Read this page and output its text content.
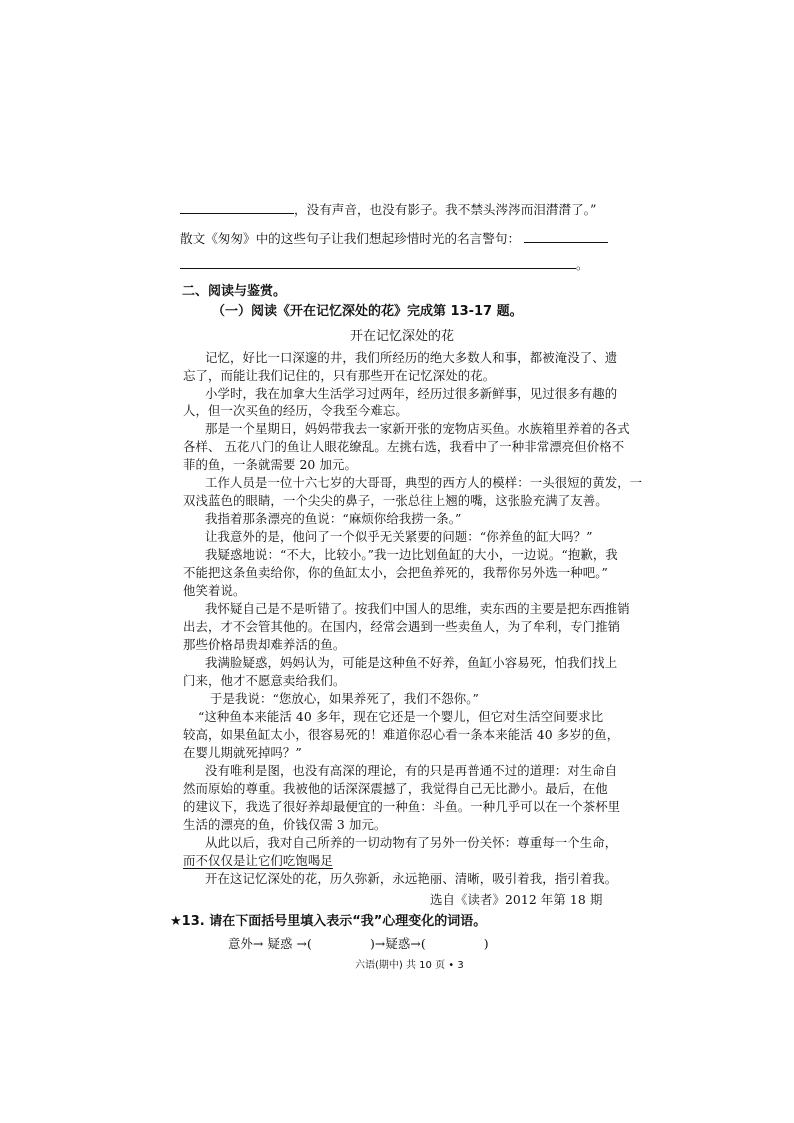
，没有声音，也没有影子。我不禁头涔涔而泪潸潸了。”
散文《匆匆》中的这些句子让我们想起珍惜时光的名言警句：
。
二、阅读与鉴赏。
（一）阅读《开在记忆深处的花》完成第 13-17 题。
开在记忆深处的花
记忆，好比一口深邃的井，我们所经历的绝大多数人和事，都被淹没了、遗
忘了，而能让我们记住的，只有那些开在记忆深处的花。
小学时，我在加拿大生活学习过两年，经历过很多新鲜事，见过很多有趣的
人，但一次买鱼的经历，令我至今难忘。
那是一个星期日，妈妈带我去一家新开张的宠物店买鱼。水族箱里养着的各式
各样、 五花八门的鱼让人眼花缭乱。左挑右选，我看中了一种非常漂亮但价格不
菲的鱼，一条就需要 20 加元。
工作人员是一位十六七岁的大哥哥，典型的西方人的模样：一头很短的黄发，一
双浅蓝色的眼睛，一个尖尖的鼻子，一张总往上翘的嘴，这张脸充满了友善。
我指着那条漂亮的鱼说：“麻烦你给我捞一条。”
让我意外的是，他问了一个似乎无关紧要的问题：“你养鱼的缸大吗？”
我疑惑地说：“不大，比较小。”我一边比划鱼缸的大小，一边说。“抱歉，我
不能把这条鱼卖给你，你的鱼缸太小，会把鱼养死的，我帮你另外选一种吧。”
他笑着说。
我怀疑自己是不是听错了。按我们中国人的思维，卖东西的主要是把东西推销
出去，才不会管其他的。在国内，经常会遇到一些卖鱼人，为了牟利，专门推销
那些价格昂贵却难养活的鱼。
我满脸疑惑，妈妈认为，可能是这种鱼不好养，鱼缸小容易死，怕我们找上
门来，他才不愿意卖给我们。
于是我说：“您放心，如果养死了，我们不怨你。”
“这种鱼本来能活 40 多年，现在它还是一个婴儿，但它对生活空间要求比
较高，如果鱼缸太小，很容易死的！难道你忍心看一条本来能活 40 多岁的鱼，
在婴儿期就死掉吗？”
没有唯利是图，也没有高深的理论，有的只是再普通不过的道理：对生命自
然而原始的尊重。我被他的话深深震撼了，我觉得自己无比渺小。最后，在他
的建议下，我选了很好养却最便宜的一种鱼：斗鱼。一种几乎可以在一个茶杯里
生活的漂亮的鱼，价钱仅需 3 加元。
从此以后，我对自己所养的一切动物有了另外一份关怀：尊重每一个生命，
而不仅仅是让它们吃饱喝足
开在这记忆深处的花，历久弥新，永远艳丽、清晰，吸引着我，指引着我。
选自《读者》2012 年第 18 期
★13. 请在下面括号里填入表示“我”心理变化的词语。
意外→ 疑惑 →(	)→疑惑→(	)
六语(期中) 共 10 页 • 3
